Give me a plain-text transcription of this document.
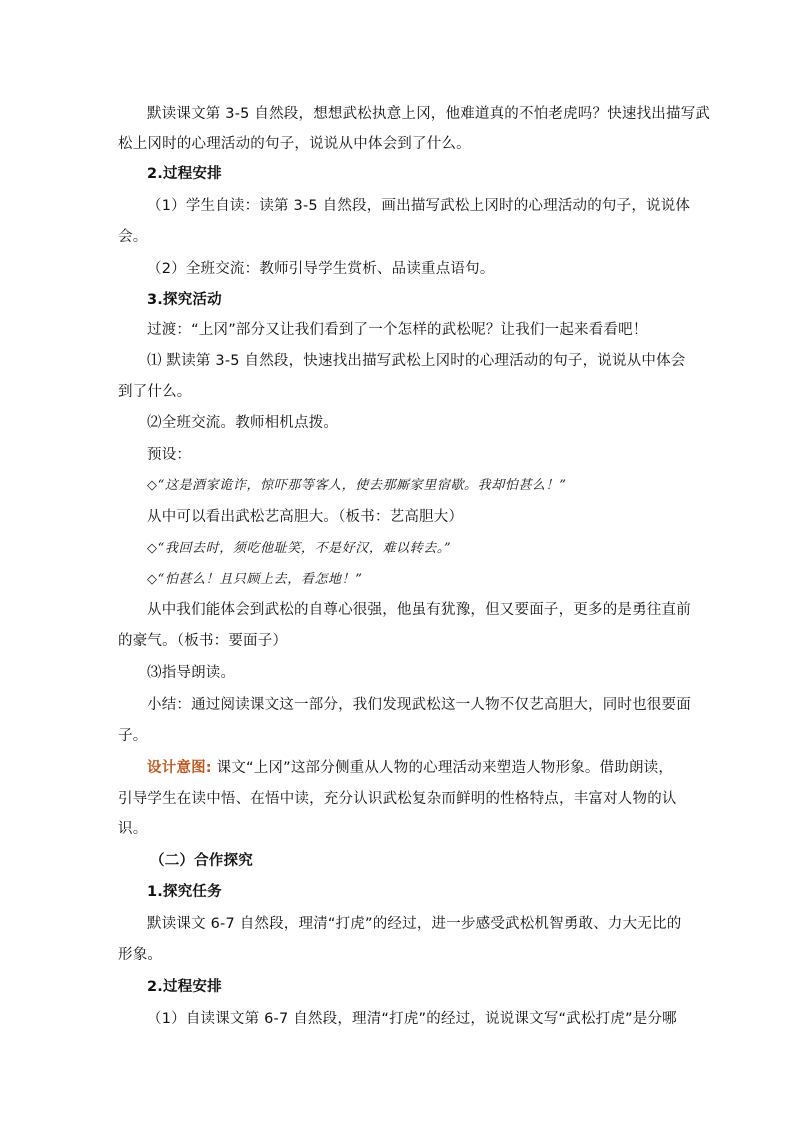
默读课文第 3-5 自然段，想想武松执意上冈，他难道真的不怕老虎吗？快速找出描写武
松上冈时的心理活动的句子，说说从中体会到了什么。
2.过程安排
（1）学生自读：读第 3-5 自然段，画出描写武松上冈时的心理活动的句子，说说体
会。
（2）全班交流：教师引导学生赏析、品读重点语句。
3.探究活动
过渡：“上冈”部分又让我们看到了一个怎样的武松呢？让我们一起来看看吧！
⑴ 默读第 3-5 自然段，快速找出描写武松上冈时的心理活动的句子，说说从中体会
到了什么。
⑵全班交流。教师相机点拨。
预设：
◇“这是酒家诡诈，惊吓那等客人，使去那厮家里宿歇。我却怕甚么！”
从中可以看出武松艺高胆大。（板书：艺高胆大）
◇“我回去时，须吃他耻笑，不是好汉，难以转去。”
◇“怕甚么！且只顾上去，看怎地！”
从中我们能体会到武松的自尊心很强，他虽有犹豫，但又要面子，更多的是勇往直前
的豪气。（板书：要面子）
⑶指导朗读。
小结：通过阅读课文这一部分，我们发现武松这一人物不仅艺高胆大，同时也很要面
子。
设计意图: 课文“上冈”这部分侧重从人物的心理活动来塑造人物形象。借助朗读，
引导学生在读中悟、在悟中读，充分认识武松复杂而鲜明的性格特点，丰富对人物的认
识。
（二）合作探究
1.探究任务
默读课文 6-7 自然段，理清“打虎”的经过，进一步感受武松机智勇敢、力大无比的
形象。
2.过程安排
（1）自读课文第 6-7 自然段，理清“打虎”的经过，说说课文写“武松打虎”是分哪
